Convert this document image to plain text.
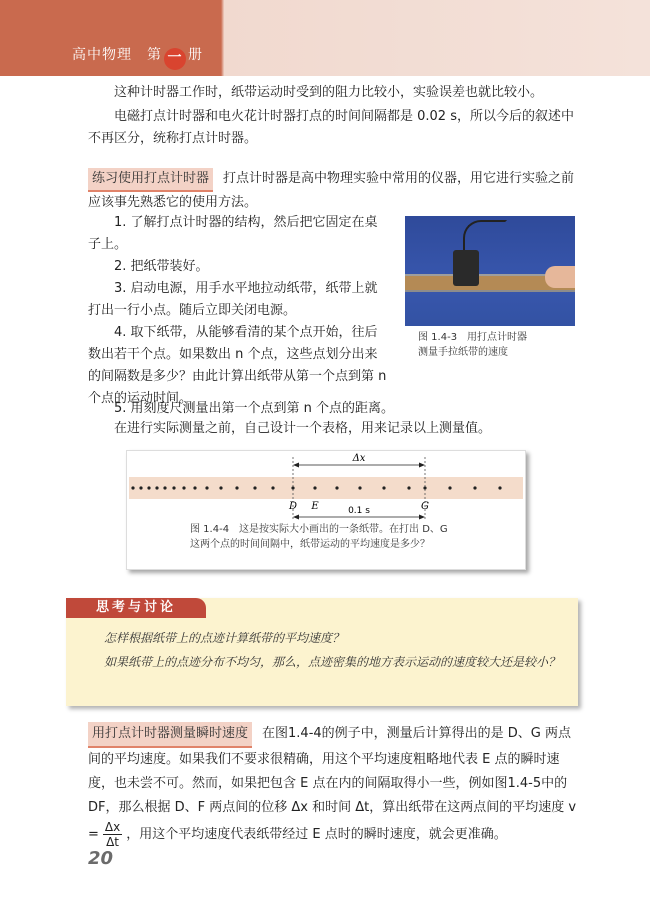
高中物理　第 一 册

这种计时器工作时，纸带运动时受到的阻力比较小，实验误差也就比较小。

电磁打点计时器和电火花计时器打点的时间间隔都是 0.02 s，所以今后的叙述中不再区分，统称打点计时器。

练习使用打点计时器 打点计时器是高中物理实验中常用的仪器，用它进行实验之前应该事先熟悉它的使用方法。

1. 了解打点计时器的结构，然后把它固定在桌子上。

2. 把纸带装好。

3. 启动电源，用手水平地拉动纸带，纸带上就打出一行小点。随后立即关闭电源。

4. 取下纸带，从能够看清的某个点开始，往后数出若干个点。如果数出 n 个点，这些点划分出来的间隔数是多少？由此计算出纸带从第一个点到第 n 个点的运动时间。

5. 用刻度尺测量出第一个点到第 n 个点的距离。

在进行实际测量之前，自己设计一个表格，用来记录以上测量值。

图 1.4-3　用打点计时器
测量手拉纸带的速度
Δx
D E	G
0.1 s
图 1.4-4　这是按实际大小画出的一条纸带。在打出 D、G
这两个点的时间间隔中，纸带运动的平均速度是多少？
思考与讨论

怎样根据纸带上的点迹计算纸带的平均速度？

如果纸带上的点迹分布不均匀，那么，点迹密集的地方表示运动的速度较大还是较小？

用打点计时器测量瞬时速度 在图1.4-4的例子中，测量后计算得出的是 D、G 两点间的平均速度。如果我们不要求很精确，用这个平均速度粗略地代表 E 点的瞬时速度，也未尝不可。然而，如果把包含 E 点在内的间隔取得小一些，例如图1.4-5中的 DF，那么根据 D、F 两点间的位移 Δx 和时间 Δt，算出纸带在这两点间的平均速度 $v = \frac{\Delta x}{\Delta t}$ ，用这个平均速度代表纸带经过 E 点时的瞬时速度，就会更准确。

20
